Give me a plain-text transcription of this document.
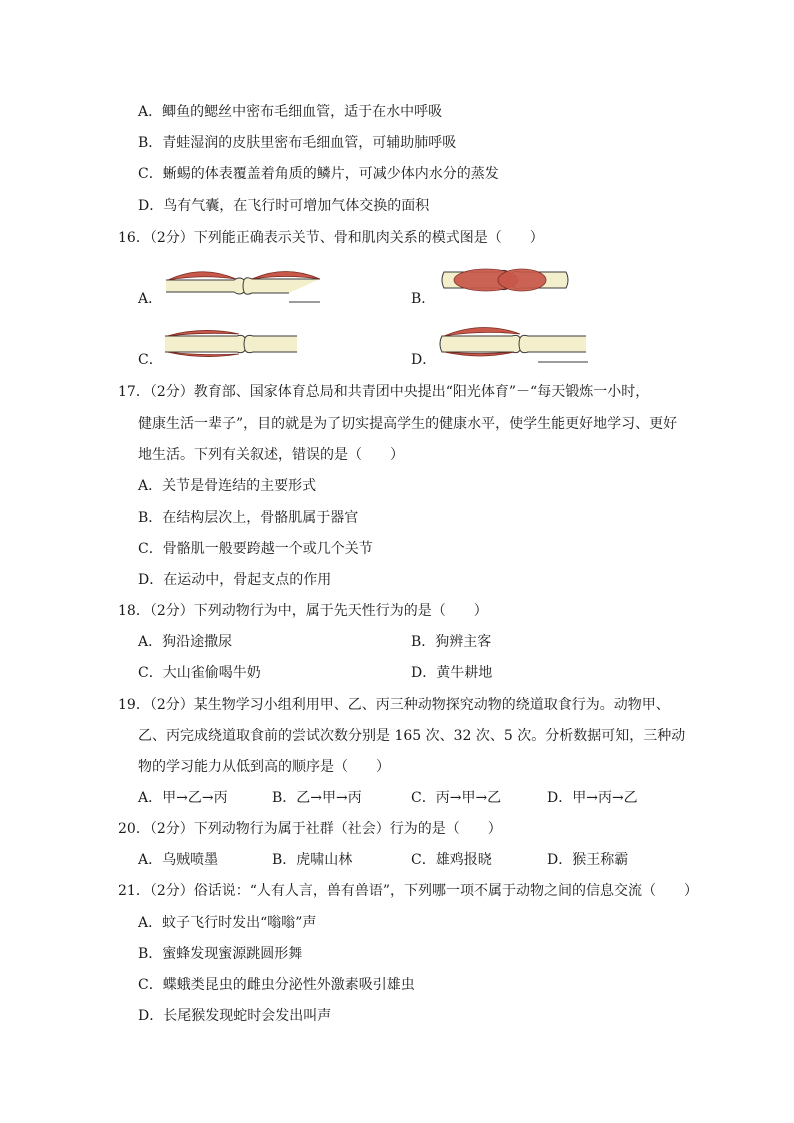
A．鲫鱼的鳃丝中密布毛细血管，适于在水中呼吸
B．青蛙湿润的皮肤里密布毛细血管，可辅助肺呼吸
C．蜥蜴的体表覆盖着角质的鳞片，可减少体内水分的蒸发
D．鸟有气囊，在飞行时可增加气体交换的面积
16．（2分）下列能正确表示关节、骨和肌肉关系的模式图是（　　）
A．	B．
C．	D．
17．（2分）教育部、国家体育总局和共青团中央提出“阳光体育”－“每天锻炼一小时，
健康生活一辈子”，目的就是为了切实提高学生的健康水平，使学生能更好地学习、更好
地生活。下列有关叙述，错误的是（　　）
A．关节是骨连结的主要形式
B．在结构层次上，骨骼肌属于器官
C．骨骼肌一般要跨越一个或几个关节
D．在运动中，骨起支点的作用
18．（2分）下列动物行为中，属于先天性行为的是（　　）
A．狗沿途撒尿	B．狗辨主客
C．大山雀偷喝牛奶	D．黄牛耕地
19．（2分）某生物学习小组利用甲、乙、丙三种动物探究动物的绕道取食行为。动物甲、
乙、丙完成绕道取食前的尝试次数分别是 165 次、32 次、5 次。分析数据可知，三种动
物的学习能力从低到高的顺序是（　　）
A．甲→乙→丙	B．乙→甲→丙	C．丙→甲→乙	D．甲→丙→乙
20．（2分）下列动物行为属于社群（社会）行为的是（　　）
A．乌贼喷墨	B．虎啸山林	C．雄鸡报晓	D．猴王称霸
21．（2分）俗话说：“人有人言，兽有兽语”，下列哪一项不属于动物之间的信息交流（　　）
A．蚊子飞行时发出“嗡嗡”声
B．蜜蜂发现蜜源跳圆形舞
C．蝶蛾类昆虫的雌虫分泌性外激素吸引雄虫
D．长尾猴发现蛇时会发出叫声
